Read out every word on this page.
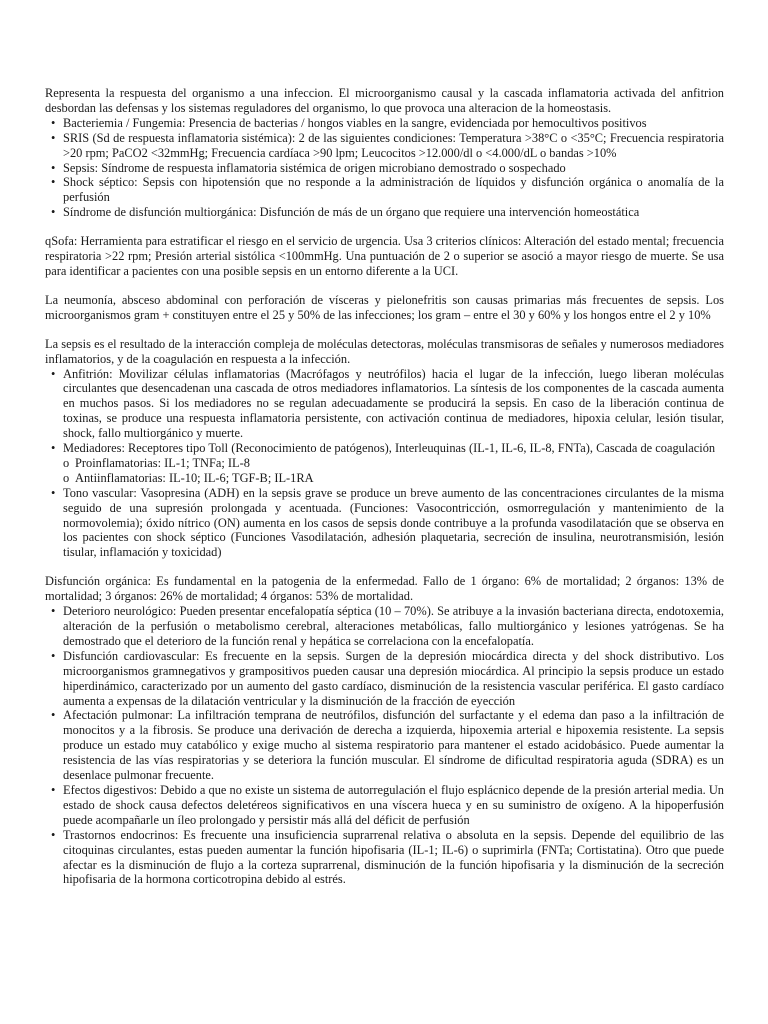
Representa la respuesta del organismo a una infeccion. El microorganismo causal y la cascada inflamatoria activada del anfitrion desbordan las defensas y los sistemas reguladores del organismo, lo que provoca una alteracion de la homeostasis.

• Bacteriemia / Fungemia: Presencia de bacterias / hongos viables en la sangre, evidenciada por hemocultivos positivos
• SRIS (Sd de respuesta inflamatoria sistémica): 2 de las siguientes condiciones: Temperatura >38°C o <35°C; Frecuencia respiratoria >20 rpm; PaCO2 <32mmHg; Frecuencia cardíaca >90 lpm; Leucocitos >12.000/dl o <4.000/dL o bandas >10%
• Sepsis: Síndrome de respuesta inflamatoria sistémica de origen microbiano demostrado o sospechado
• Shock séptico: Sepsis con hipotensión que no responde a la administración de líquidos y disfunción orgánica o anomalía de la perfusión
• Síndrome de disfunción multiorgánica: Disfunción de más de un órgano que requiere una intervención homeostática

qSofa: Herramienta para estratificar el riesgo en el servicio de urgencia. Usa 3 criterios clínicos: Alteración del estado mental; frecuencia respiratoria >22 rpm; Presión arterial sistólica <100mmHg. Una puntuación de 2 o superior se asoció a mayor riesgo de muerte. Se usa para identificar a pacientes con una posible sepsis en un entorno diferente a la UCI.

La neumonía, absceso abdominal con perforación de vísceras y pielonefritis son causas primarias más frecuentes de sepsis. Los microorganismos gram + constituyen entre el 25 y 50% de las infecciones; los gram – entre el 30 y 60% y los hongos entre el 2 y 10%

La sepsis es el resultado de la interacción compleja de moléculas detectoras, moléculas transmisoras de señales y numerosos mediadores inflamatorios, y de la coagulación en respuesta a la infección.

• Anfitrión: Movilizar células inflamatorias (Macrófagos y neutrófilos) hacia el lugar de la infección, luego liberan moléculas circulantes que desencadenan una cascada de otros mediadores inflamatorios. La síntesis de los componentes de la cascada aumenta en muchos pasos. Si los mediadores no se regulan adecuadamente se producirá la sepsis. En caso de la liberación continua de toxinas, se produce una respuesta inflamatoria persistente, con activación continua de mediadores, hipoxia celular, lesión tisular, shock, fallo multiorgánico y muerte.
• Mediadores: Receptores tipo Toll (Reconocimiento de patógenos), Interleuquinas (IL-1, IL-6, IL-8, FNTa), Cascada de coagulación
o Proinflamatorias: IL-1; TNFa; IL-8
o Antiinflamatorias: IL-10; IL-6; TGF-B; IL-1RA
• Tono vascular: Vasopresina (ADH) en la sepsis grave se produce un breve aumento de las concentraciones circulantes de la misma seguido de una supresión prolongada y acentuada. (Funciones: Vasocontricción, osmorregulación y mantenimiento de la normovolemia); óxido nítrico (ON) aumenta en los casos de sepsis donde contribuye a la profunda vasodilatación que se observa en los pacientes con shock séptico (Funciones Vasodilatación, adhesión plaquetaria, secreción de insulina, neurotransmisión, lesión tisular, inflamación y toxicidad)

Disfunción orgánica: Es fundamental en la patogenia de la enfermedad. Fallo de 1 órgano: 6% de mortalidad; 2 órganos: 13% de mortalidad; 3 órganos: 26% de mortalidad; 4 órganos: 53% de mortalidad.

• Deterioro neurológico: Pueden presentar encefalopatía séptica (10 – 70%). Se atribuye a la invasión bacteriana directa, endotoxemia, alteración de la perfusión o metabolismo cerebral, alteraciones metabólicas, fallo multiorgánico y lesiones yatrógenas. Se ha demostrado que el deterioro de la función renal y hepática se correlaciona con la encefalopatía.
• Disfunción cardiovascular: Es frecuente en la sepsis. Surgen de la depresión miocárdica directa y del shock distributivo. Los microorganismos gramnegativos y grampositivos pueden causar una depresión miocárdica. Al principio la sepsis produce un estado hiperdinámico, caracterizado por un aumento del gasto cardíaco, disminución de la resistencia vascular periférica. El gasto cardíaco aumenta a expensas de la dilatación ventricular y la disminución de la fracción de eyección
• Afectación pulmonar: La infiltración temprana de neutrófilos, disfunción del surfactante y el edema dan paso a la infiltración de monocitos y a la fibrosis. Se produce una derivación de derecha a izquierda, hipoxemia arterial e hipoxemia resistente. La sepsis produce un estado muy catabólico y exige mucho al sistema respiratorio para mantener el estado acidobásico. Puede aumentar la resistencia de las vías respiratorias y se deteriora la función muscular. El síndrome de dificultad respiratoria aguda (SDRA) es un desenlace pulmonar frecuente.
• Efectos digestivos: Debido a que no existe un sistema de autorregulación el flujo esplácnico depende de la presión arterial media. Un estado de shock causa defectos deletéreos significativos en una víscera hueca y en su suministro de oxígeno. A la hipoperfusión puede acompañarle un íleo prolongado y persistir más allá del déficit de perfusión
• Trastornos endocrinos: Es frecuente una insuficiencia suprarrenal relativa o absoluta en la sepsis. Depende del equilibrio de las citoquinas circulantes, estas pueden aumentar la función hipofisaria (IL-1; IL-6) o suprimirla (FNTa; Cortistatina). Otro que puede afectar es la disminución de flujo a la corteza suprarrenal, disminución de la función hipofisaria y la disminución de la secreción hipofisaria de la hormona corticotropina debido al estrés.
